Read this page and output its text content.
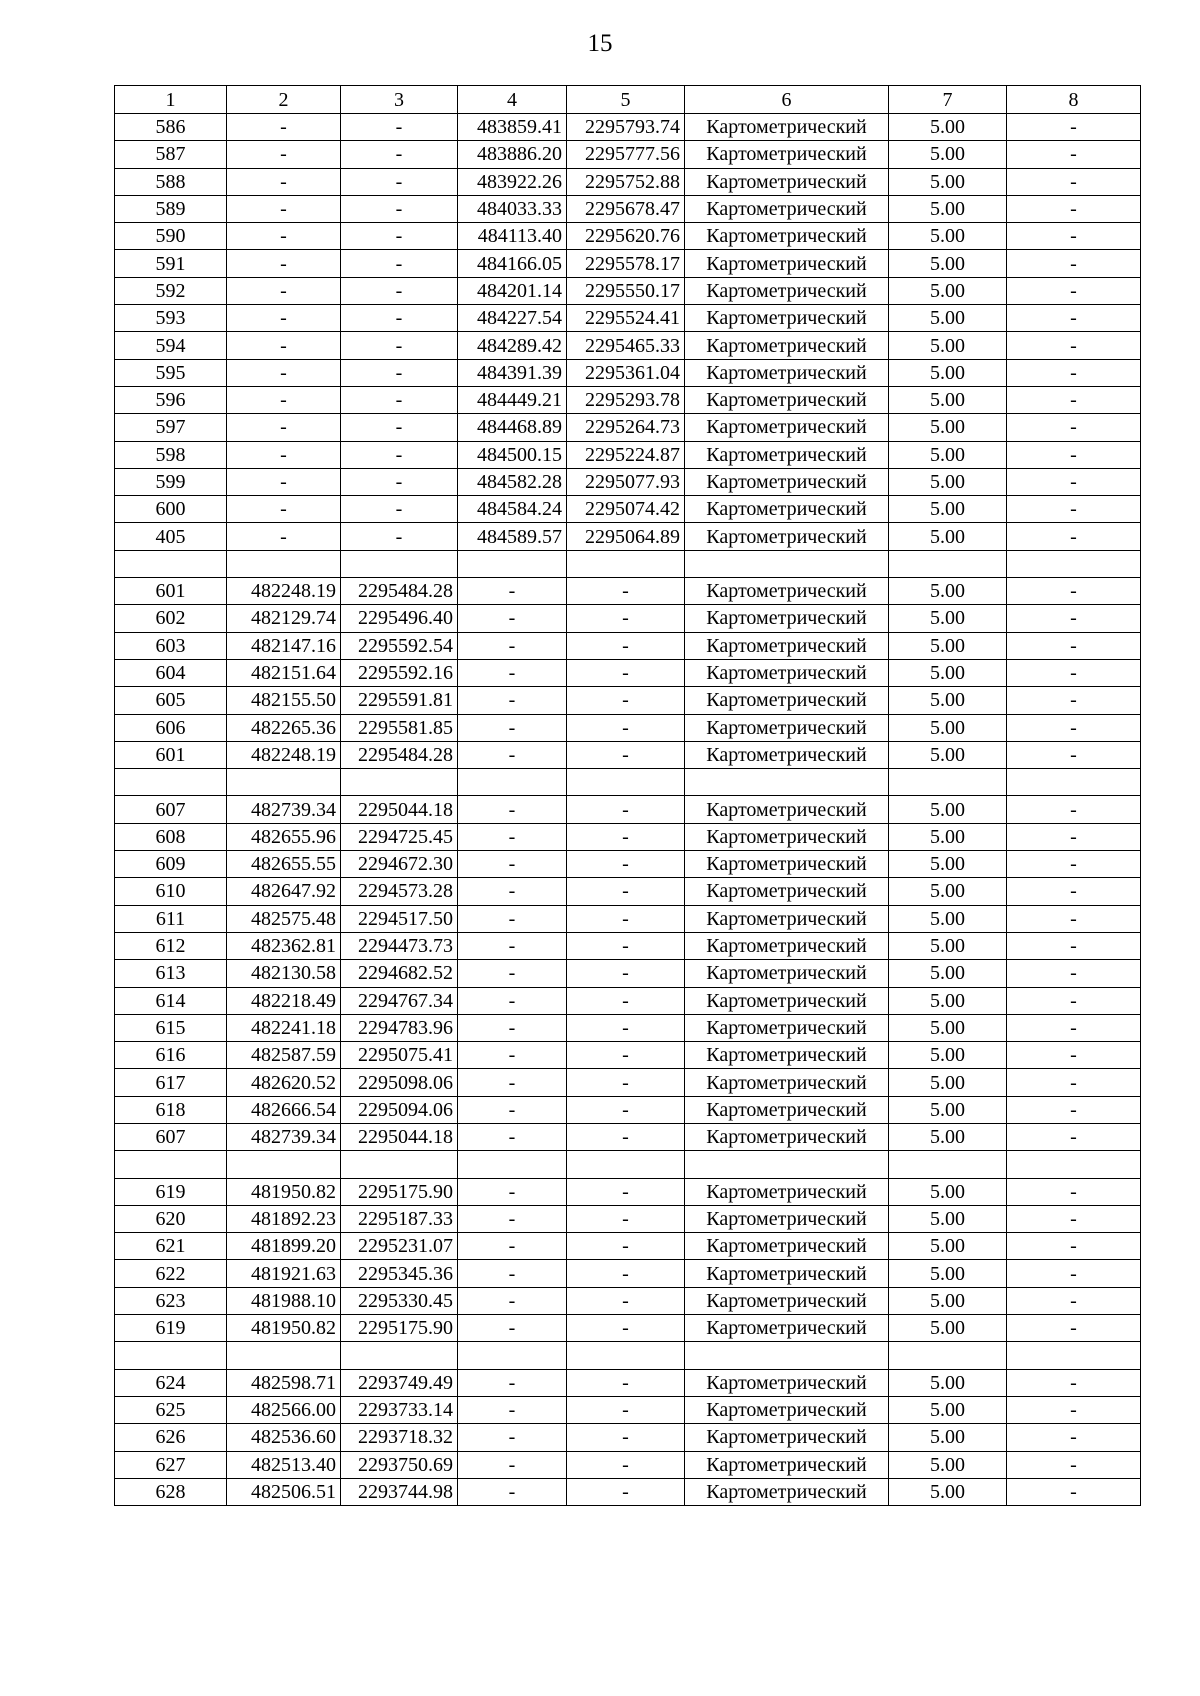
15
1	2	3	4	5	6	7	8
586	-	-	483859.41	2295793.74	Картометрический	5.00	-
587	-	-	483886.20	2295777.56	Картометрический	5.00	-
588	-	-	483922.26	2295752.88	Картометрический	5.00	-
589	-	-	484033.33	2295678.47	Картометрический	5.00	-
590	-	-	484113.40	2295620.76	Картометрический	5.00	-
591	-	-	484166.05	2295578.17	Картометрический	5.00	-
592	-	-	484201.14	2295550.17	Картометрический	5.00	-
593	-	-	484227.54	2295524.41	Картометрический	5.00	-
594	-	-	484289.42	2295465.33	Картометрический	5.00	-
595	-	-	484391.39	2295361.04	Картометрический	5.00	-
596	-	-	484449.21	2295293.78	Картометрический	5.00	-
597	-	-	484468.89	2295264.73	Картометрический	5.00	-
598	-	-	484500.15	2295224.87	Картометрический	5.00	-
599	-	-	484582.28	2295077.93	Картометрический	5.00	-
600	-	-	484584.24	2295074.42	Картометрический	5.00	-
405	-	-	484589.57	2295064.89	Картометрический	5.00	-

601	482248.19	2295484.28	-	-	Картометрический	5.00	-
602	482129.74	2295496.40	-	-	Картометрический	5.00	-
603	482147.16	2295592.54	-	-	Картометрический	5.00	-
604	482151.64	2295592.16	-	-	Картометрический	5.00	-
605	482155.50	2295591.81	-	-	Картометрический	5.00	-
606	482265.36	2295581.85	-	-	Картометрический	5.00	-
601	482248.19	2295484.28	-	-	Картометрический	5.00	-

607	482739.34	2295044.18	-	-	Картометрический	5.00	-
608	482655.96	2294725.45	-	-	Картометрический	5.00	-
609	482655.55	2294672.30	-	-	Картометрический	5.00	-
610	482647.92	2294573.28	-	-	Картометрический	5.00	-
611	482575.48	2294517.50	-	-	Картометрический	5.00	-
612	482362.81	2294473.73	-	-	Картометрический	5.00	-
613	482130.58	2294682.52	-	-	Картометрический	5.00	-
614	482218.49	2294767.34	-	-	Картометрический	5.00	-
615	482241.18	2294783.96	-	-	Картометрический	5.00	-
616	482587.59	2295075.41	-	-	Картометрический	5.00	-
617	482620.52	2295098.06	-	-	Картометрический	5.00	-
618	482666.54	2295094.06	-	-	Картометрический	5.00	-
607	482739.34	2295044.18	-	-	Картометрический	5.00	-

619	481950.82	2295175.90	-	-	Картометрический	5.00	-
620	481892.23	2295187.33	-	-	Картометрический	5.00	-
621	481899.20	2295231.07	-	-	Картометрический	5.00	-
622	481921.63	2295345.36	-	-	Картометрический	5.00	-
623	481988.10	2295330.45	-	-	Картометрический	5.00	-
619	481950.82	2295175.90	-	-	Картометрический	5.00	-

624	482598.71	2293749.49	-	-	Картометрический	5.00	-
625	482566.00	2293733.14	-	-	Картометрический	5.00	-
626	482536.60	2293718.32	-	-	Картометрический	5.00	-
627	482513.40	2293750.69	-	-	Картометрический	5.00	-
628	482506.51	2293744.98	-	-	Картометрический	5.00	-
